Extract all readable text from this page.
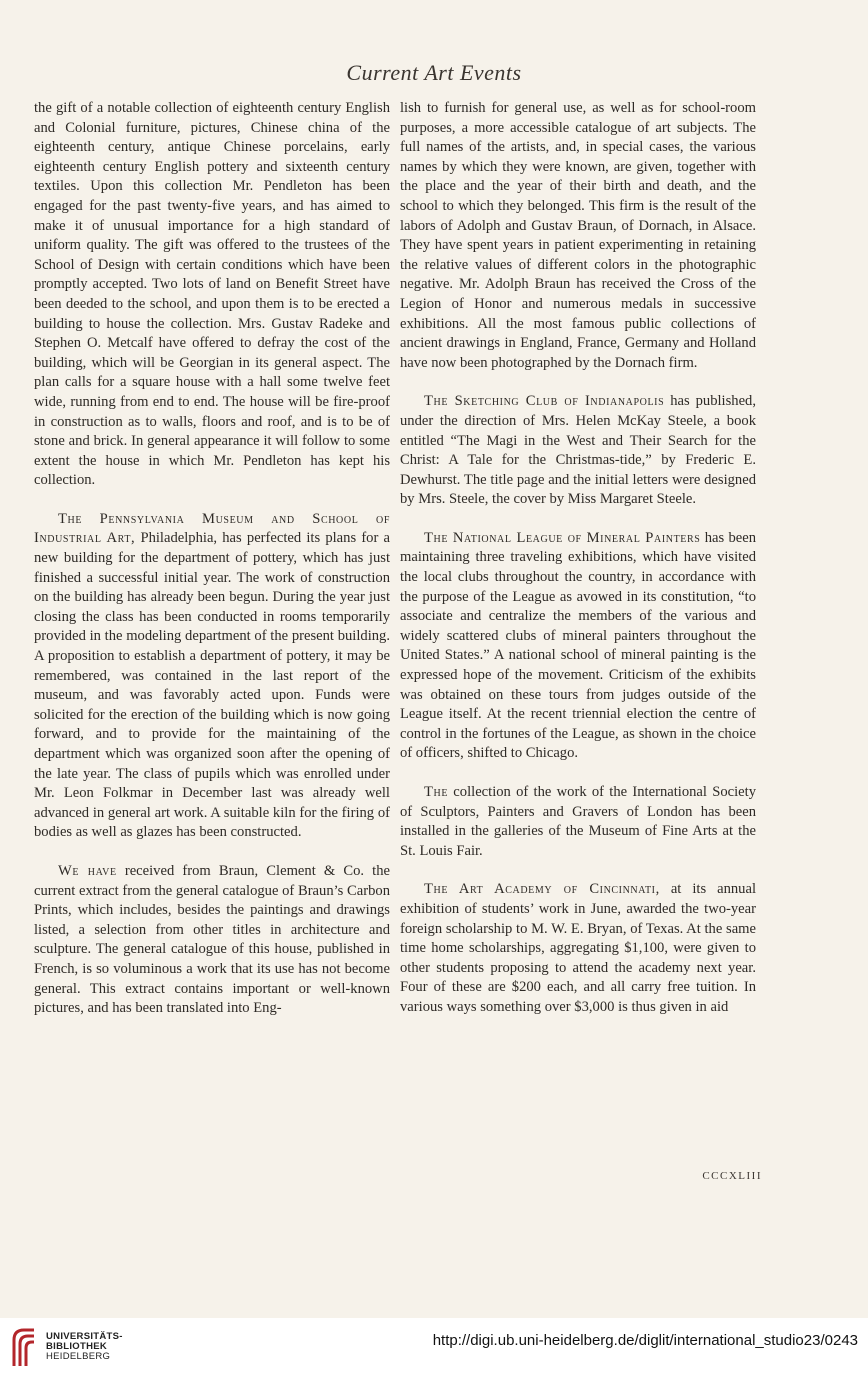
Current Art Events

the gift of a notable collection of eighteenth century English and Colonial furniture, pictures, Chinese china of the eighteenth century, antique Chinese porcelains, early eighteenth century English pottery and sixteenth century textiles. Upon this collection Mr. Pendleton has been engaged for the past twenty-five years, and has aimed to make it of unusual importance for a high standard of uniform quality. The gift was offered to the trustees of the School of Design with certain conditions which have been promptly accepted. Two lots of land on Benefit Street have been deeded to the school, and upon them is to be erected a building to house the collection. Mrs. Gustav Radeke and Stephen O. Metcalf have offered to defray the cost of the building, which will be Georgian in its general aspect. The plan calls for a square house with a hall some twelve feet wide, running from end to end. The house will be fire-proof in construction as to walls, floors and roof, and is to be of stone and brick. In general appearance it will follow to some extent the house in which Mr. Pendleton has kept his collection.

The Pennsylvania Museum and School of Industrial Art, Philadelphia, has perfected its plans for a new building for the department of pottery, which has just finished a successful initial year. The work of construction on the building has already been begun. During the year just closing the class has been conducted in rooms temporarily provided in the modeling department of the present building. A proposition to establish a department of pottery, it may be remembered, was contained in the last report of the museum, and was favorably acted upon. Funds were solicited for the erection of the building which is now going forward, and to provide for the maintaining of the department which was organized soon after the opening of the late year. The class of pupils which was enrolled under Mr. Leon Folkmar in December last was already well advanced in general art work. A suitable kiln for the firing of bodies as well as glazes has been constructed.

We have received from Braun, Clement & Co. the current extract from the general catalogue of Braun’s Carbon Prints, which includes, besides the paintings and drawings listed, a selection from other titles in architecture and sculpture. The general catalogue of this house, published in French, is so voluminous a work that its use has not become general. This extract contains important or well-known pictures, and has been translated into Eng-

lish to furnish for general use, as well as for school-room purposes, a more accessible catalogue of art subjects. The full names of the artists, and, in special cases, the various names by which they were known, are given, together with the place and the year of their birth and death, and the school to which they belonged. This firm is the result of the labors of Adolph and Gustav Braun, of Dornach, in Alsace. They have spent years in patient experimenting in retaining the relative values of different colors in the photographic negative. Mr. Adolph Braun has received the Cross of the Legion of Honor and numerous medals in successive exhibitions. All the most famous public collections of ancient drawings in England, France, Germany and Holland have now been photographed by the Dornach firm.

The Sketching Club of Indianapolis has published, under the direction of Mrs. Helen McKay Steele, a book entitled “The Magi in the West and Their Search for the Christ: A Tale for the Christmas-tide,” by Frederic E. Dewhurst. The title page and the initial letters were designed by Mrs. Steele, the cover by Miss Margaret Steele.

The National League of Mineral Painters has been maintaining three traveling exhibitions, which have visited the local clubs throughout the country, in accordance with the purpose of the League as avowed in its constitution, “to associate and centralize the members of the various and widely scattered clubs of mineral painters throughout the United States.” A national school of mineral painting is the expressed hope of the movement. Criticism of the exhibits was obtained on these tours from judges outside of the League itself. At the recent triennial election the centre of control in the fortunes of the League, as shown in the choice of officers, shifted to Chicago.

The collection of the work of the International Society of Sculptors, Painters and Gravers of London has been installed in the galleries of the Museum of Fine Arts at the St. Louis Fair.

The Art Academy of Cincinnati, at its annual exhibition of students’ work in June, awarded the two-year foreign scholarship to M. W. E. Bryan, of Texas. At the same time home scholarships, aggregating $1,100, were given to other students proposing to attend the academy next year. Four of these are $200 each, and all carry free tuition. In various ways something over $3,000 is thus given in aid

CCCXLIII
UNIVERSITÄTS-
BIBLIOTHEK
HEIDELBERG
http://digi.ub.uni-heidelberg.de/diglit/international_studio23/0243
